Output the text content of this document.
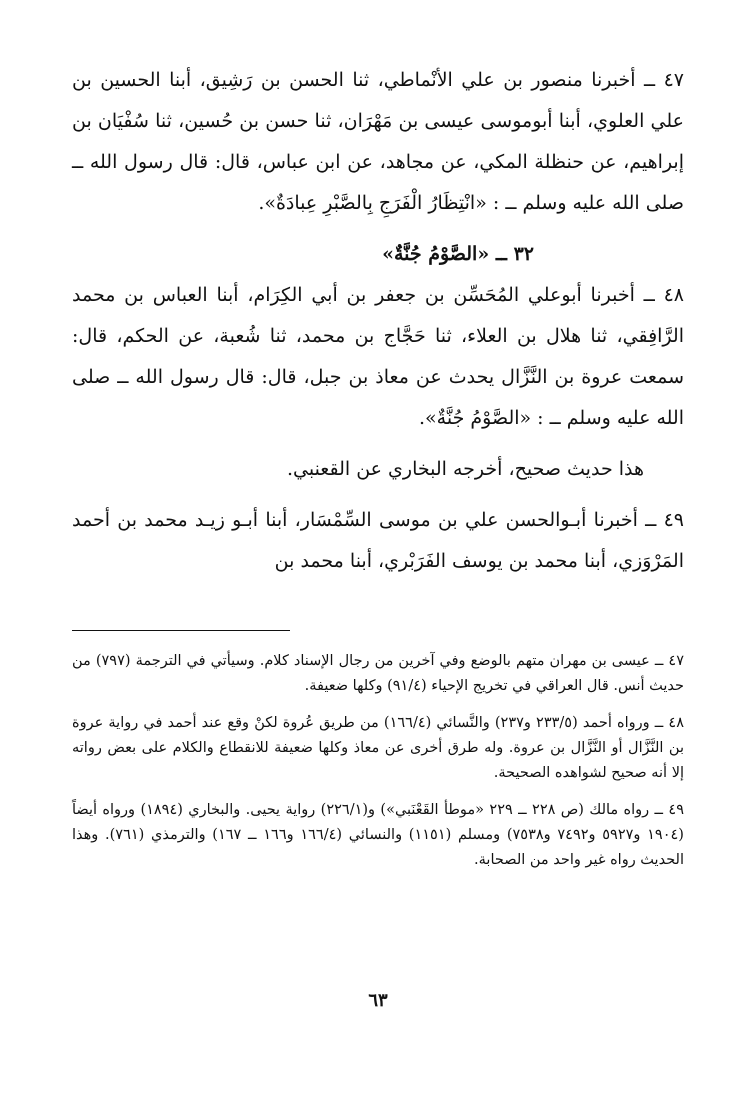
٤٧ ــ أخبرنا منصور بن علي الأنْماطي، ثنا الحسن بن رَشِيق، أبنا الحسين بن علي العلوي، أبنا أبوموسى عيسى بن مَهْرَان، ثنا حسن بن حُسين، ثنا سُفْيَان بن إبراهيم، عن حنظلة المكي، عن مجاهد، عن ابن عباس، قال: قال رسول الله ــ صلى الله عليه وسلم ــ : «انْتِظَارُ الْفَرَجِ بِالصَّبْرِ عِبادَةٌ».

٣٢ ــ «الصَّوْمُ جُنَّةٌ»

٤٨ ــ أخبرنا أبوعلي المُحَسِّن بن جعفر بن أبي الكِرَام، أبنا العباس بن محمد الرَّافِقي، ثنا هلال بن العلاء، ثنا حَجَّاج بن محمد، ثنا شُعبة، عن الحكم، قال: سمعت عروة بن النَّزَّال يحدث عن معاذ بن جبل، قال: قال رسول الله ــ صلى الله عليه وسلم ــ : «الصَّوْمُ جُنَّةٌ».

هذا حديث صحيح، أخرجه البخاري عن القعنبي.

٤٩ ــ أخبرنا أبـوالحسن علي بن موسى السِّمْسَار، أبنا أبـو زيـد محمد بن أحمد المَرْوَزي، أبنا محمد بن يوسف الفَرَبْري، أبنا محمد بن

٤٧ ــ عيسى بن مهران متهم بالوضع وفي آخرين من رجال الإسناد كلام. وسيأتي في الترجمة (٧٩٧) من حديث أنس. قال العراقي في تخريج الإحياء (٩١/٤) وكلها ضعيفة.

٤٨ ــ ورواه أحمد (٢٣٣/٥ و٢٣٧) والنَّسائي (١٦٦/٤) من طريق عُروة لكنْ وقع عند أحمد في رواية عروة بن النَّزَّال أو النَّزَّال بن عروة. وله طرق أخرى عن معاذ وكلها ضعيفة للانقطاع والكلام على بعض رواته إلا أنه صحيح لشواهده الصحيحة.

٤٩ ــ رواه مالك (ص ٢٢٨ ــ ٢٢٩ «موطأ القَعْنَبي») و(٢٢٦/١) رواية يحيى. والبخاري (١٨٩٤) ورواه أيضاً (١٩٠٤ و٥٩٢٧ و٧٤٩٢ و٧٥٣٨) ومسلم (١١٥١) والنسائي (١٦٦/٤ و١٦٦ ــ ١٦٧) والترمذي (٧٦١). وهذا الحديث رواه غير واحد من الصحابة.

٦٣
